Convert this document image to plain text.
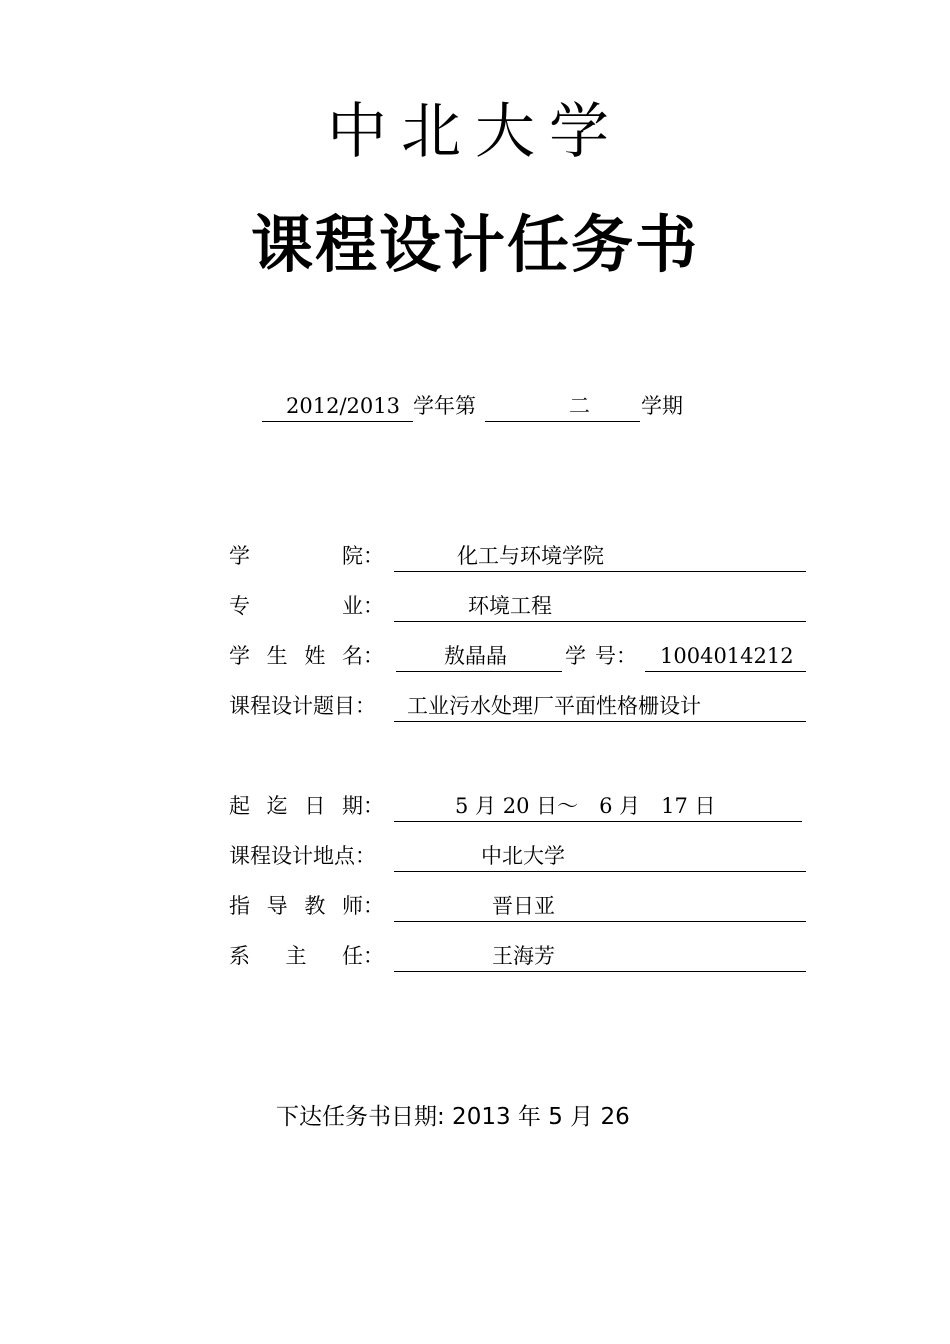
中北大学
课程设计任务书
2012/2013 学年第	二 学期
学	院：	化工与环境学院
专	业：	环境工程
学 生 姓 名：	敖晶晶	学 号： 1004014212
课程设计题目： 工业污水处理厂平面性格栅设计
起 迄 日 期：	5 月 20 日～　6 月　17 日
课程设计地点：	中北大学
指 导 教 师：	晋日亚
系 主 任：	王海芳
下达任务书日期: 2013 年 5 月 26
